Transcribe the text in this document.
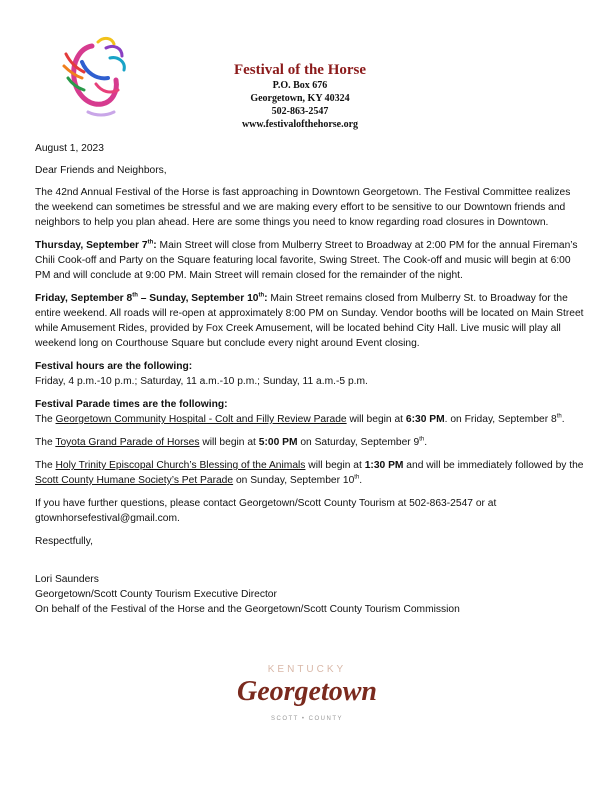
Festival of the Horse
P.O. Box 676
Georgetown, KY 40324
502-863-2547
www.festivalofthehorse.org

August 1, 2023

Dear Friends and Neighbors,

The 42nd Annual Festival of the Horse is fast approaching in Downtown Georgetown. The Festival Committee realizes the weekend can sometimes be stressful and we are making every effort to be sensitive to our Downtown friends and neighbors to help you plan ahead. Here are some things you need to know regarding road closures in Downtown.

Thursday, September 7th: Main Street will close from Mulberry Street to Broadway at 2:00 PM for the annual Fireman’s Chili Cook-off and Party on the Square featuring local favorite, Swing Street. The Cook-off and music will begin at 6:00 PM and will conclude at 9:00 PM. Main Street will remain closed for the remainder of the night.

Friday, September 8th – Sunday, September 10th: Main Street remains closed from Mulberry St. to Broadway for the entire weekend. All roads will re-open at approximately 8:00 PM on Sunday. Vendor booths will be located on Main Street while Amusement Rides, provided by Fox Creek Amusement, will be located behind City Hall. Live music will play all weekend long on Courthouse Square but conclude every night around Event closing.

Festival hours are the following:

Friday, 4 p.m.-10 p.m.; Saturday, 11 a.m.-10 p.m.; Sunday, 11 a.m.-5 p.m.

Festival Parade times are the following:

The Georgetown Community Hospital - Colt and Filly Review Parade will begin at 6:30 PM. on Friday, September 8th.

The Toyota Grand Parade of Horses will begin at 5:00 PM on Saturday, September 9th.

The Holy Trinity Episcopal Church’s Blessing of the Animals will begin at 1:30 PM and will be immediately followed by the Scott County Humane Society’s Pet Parade on Sunday, September 10th.

If you have further questions, please contact Georgetown/Scott County Tourism at 502-863-2547 or at gtownhorsefestival@gmail.com.

Respectfully,

Lori Saunders

Georgetown/Scott County Tourism Executive Director

On behalf of the Festival of the Horse and the Georgetown/Scott County Tourism Commission

KENTUCKY
Georgetown
SCOTT • COUNTY
